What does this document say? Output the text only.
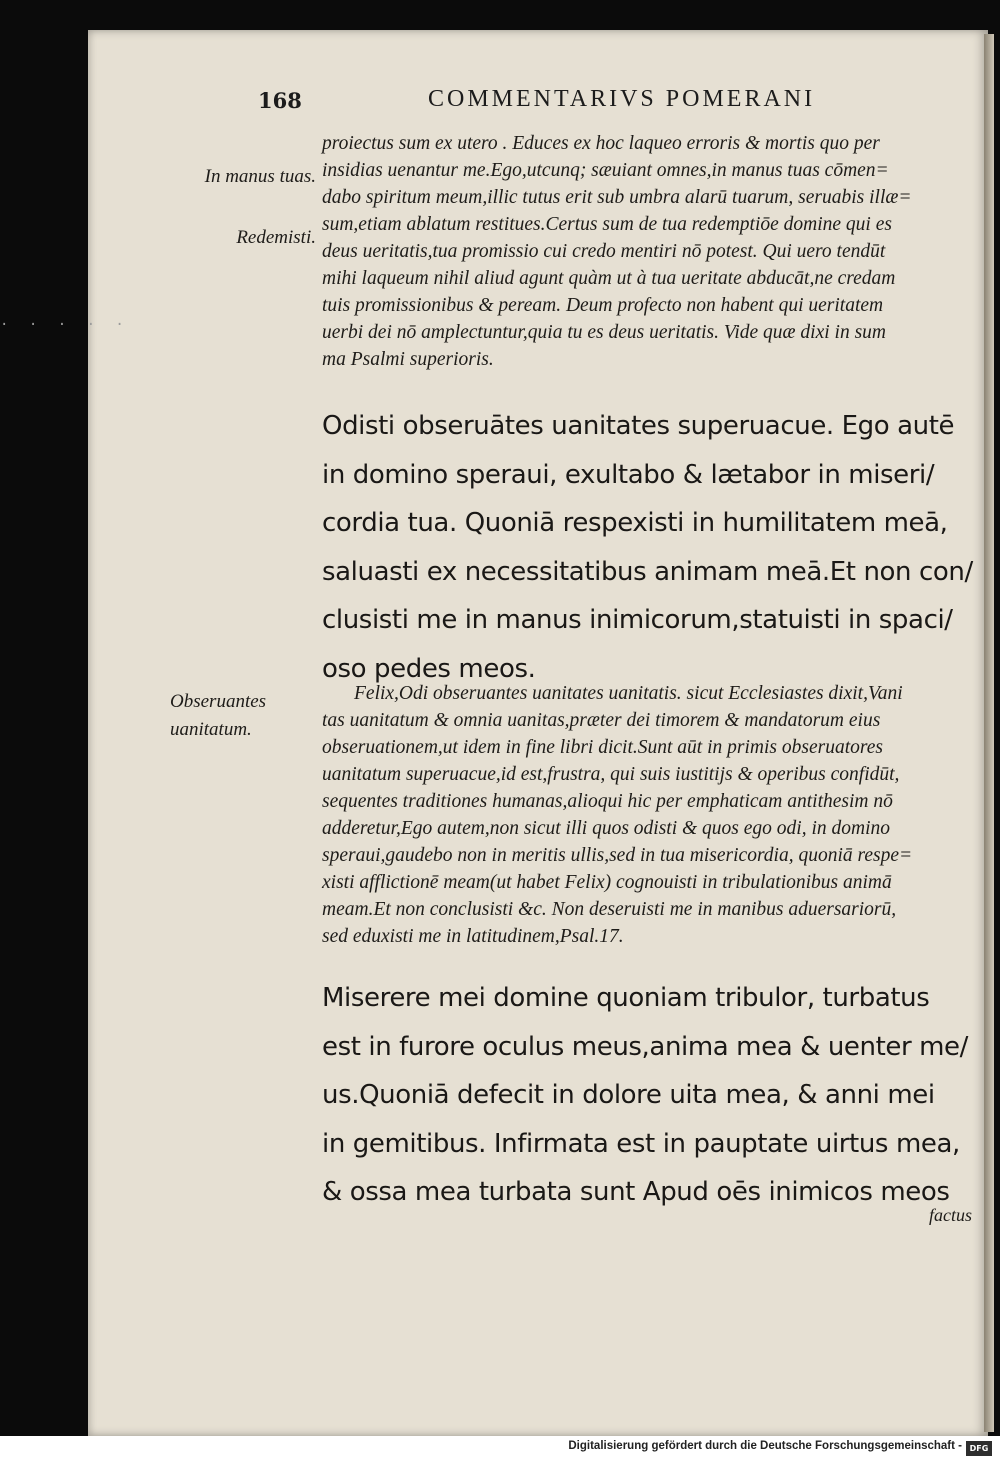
. . . . .
168	COMMENTARIVS POMERANI
In manus tuas.
Redemisti.
Obseruantes
uanitatum.
proiectus sum ex utero . Educes ex hoc laqueo erroris & mortis quo per
insidias uenantur me.Ego,utcunq; sæuiant omnes,in manus tuas cōmen=
dabo spiritum meum,illic tutus erit sub umbra alarū tuarum, seruabis illæ=
sum,etiam ablatum restitues.Certus sum de tua redemptiōe domine qui es
deus ueritatis,tua promissio cui credo mentiri nō potest. Qui uero tendūt
mihi laqueum nihil aliud agunt quàm ut à tua ueritate abducāt,ne credam
tuis promissionibus & peream. Deum profecto non habent qui ueritatem
uerbi dei nō amplectuntur,quia tu es deus ueritatis. Vide quæ dixi in sum
ma Psalmi superioris.
Odisti obseruātes uanitates superuacue. Ego autē
in domino speraui, exultabo & lætabor in miseri/
cordia tua. Quoniā respexisti in humilitatem meā,
saluasti ex necessitatibus animam meā.Et non con/
clusisti me in manus inimicorum,statuisti in spaci/
oso pedes meos.
Felix,Odi obseruantes uanitates uanitatis. sicut Ecclesiastes dixit,Vani
tas uanitatum & omnia uanitas,præter dei timorem & mandatorum eius
obseruationem,ut idem in fine libri dicit.Sunt aūt in primis obseruatores
uanitatum superuacue,id est,frustra, qui suis iustitijs & operibus confidūt,
sequentes traditiones humanas,alioqui hic per emphaticam antithesim nō
adderetur,Ego autem,non sicut illi quos odisti & quos ego odi, in domino
speraui,gaudebo non in meritis ullis,sed in tua misericordia, quoniā respe=
xisti afflictionē meam(ut habet Felix) cognouisti in tribulationibus animā
meam.Et non conclusisti &c. Non deseruisti me in manibus aduersariorū,
sed eduxisti me in latitudinem,Psal.17.
Miserere mei domine quoniam tribulor, turbatus
est in furore oculus meus,anima mea & uenter me/
us.Quoniā defecit in dolore uita mea, & anni mei
in gemitibus. Infirmata est in pauptate uirtus mea,
& ossa mea turbata sunt Apud oēs inimicos meos
factus
Digitalisierung gefördert durch die Deutsche Forschungsgemeinschaft - DFG
